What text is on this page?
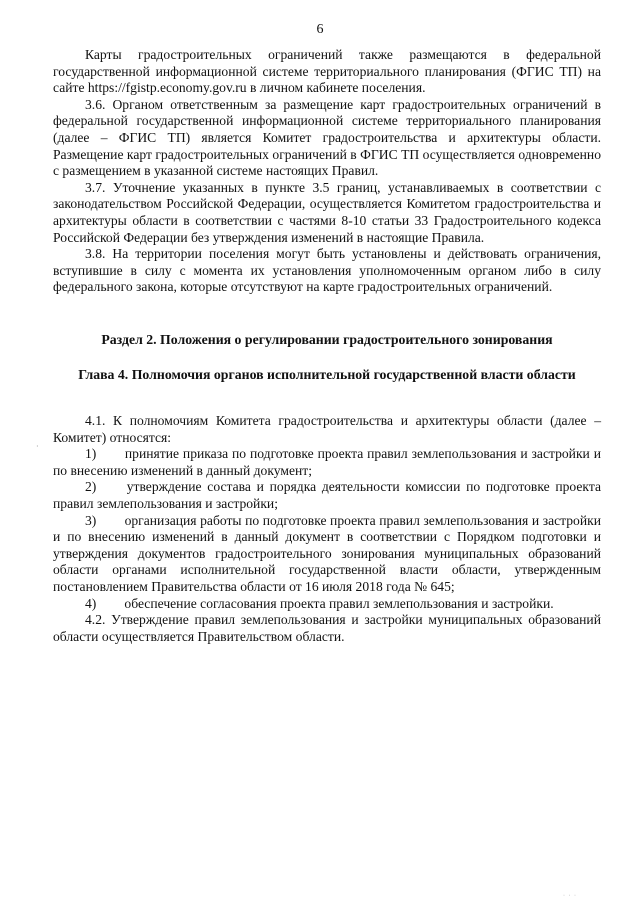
6

Карты градостроительных ограничений также размещаются в федеральной государственной информационной системе территориального планирования (ФГИС ТП) на сайте https://fgistp.economy.gov.ru в личном кабинете поселения.

3.6. Органом ответственным за размещение карт градостроительных ограничений в федеральной государственной информационной системе территориального планирования (далее – ФГИС ТП) является Комитет градостроительства и архитектуры области. Размещение карт градостроительных ограничений в ФГИС ТП осуществляется одновременно с размещением в указанной системе настоящих Правил.

3.7. Уточнение указанных в пункте 3.5 границ, устанавливаемых в соответствии с законодательством Российской Федерации, осуществляется Комитетом градостроительства и архитектуры области в соответствии с частями 8-10 статьи 33 Градостроительного кодекса Российской Федерации без утверждения изменений в настоящие Правила.

3.8. На территории поселения могут быть установлены и действовать ограничения, вступившие в силу с момента их установления уполномоченным органом либо в силу федерального закона, которые отсутствуют на карте градостроительных ограничений.

Раздел 2. Положения о регулировании градостроительного зонирования

Глава 4. Полномочия органов исполнительной государственной власти области

4.1. К полномочиям Комитета градостроительства и архитектуры области (далее – Комитет) относятся:

1) принятие приказа по подготовке проекта правил землепользования и застройки и по внесению изменений в данный документ;

2) утверждение состава и порядка деятельности комиссии по подготовке проекта правил землепользования и застройки;

3) организация работы по подготовке проекта правил землепользования и застройки и по внесению изменений в данный документ в соответствии с Порядком подготовки и утверждения документов градостроительного зонирования муниципальных образований области органами исполнительной государственной власти области, утвержденным постановлением Правительства области от 16 июля 2018 года № 645;

4) обеспечение согласования проекта правил землепользования и застройки.

4.2. Утверждение правил землепользования и застройки муниципальных образований области осуществляется Правительством области.

·
· · ·
